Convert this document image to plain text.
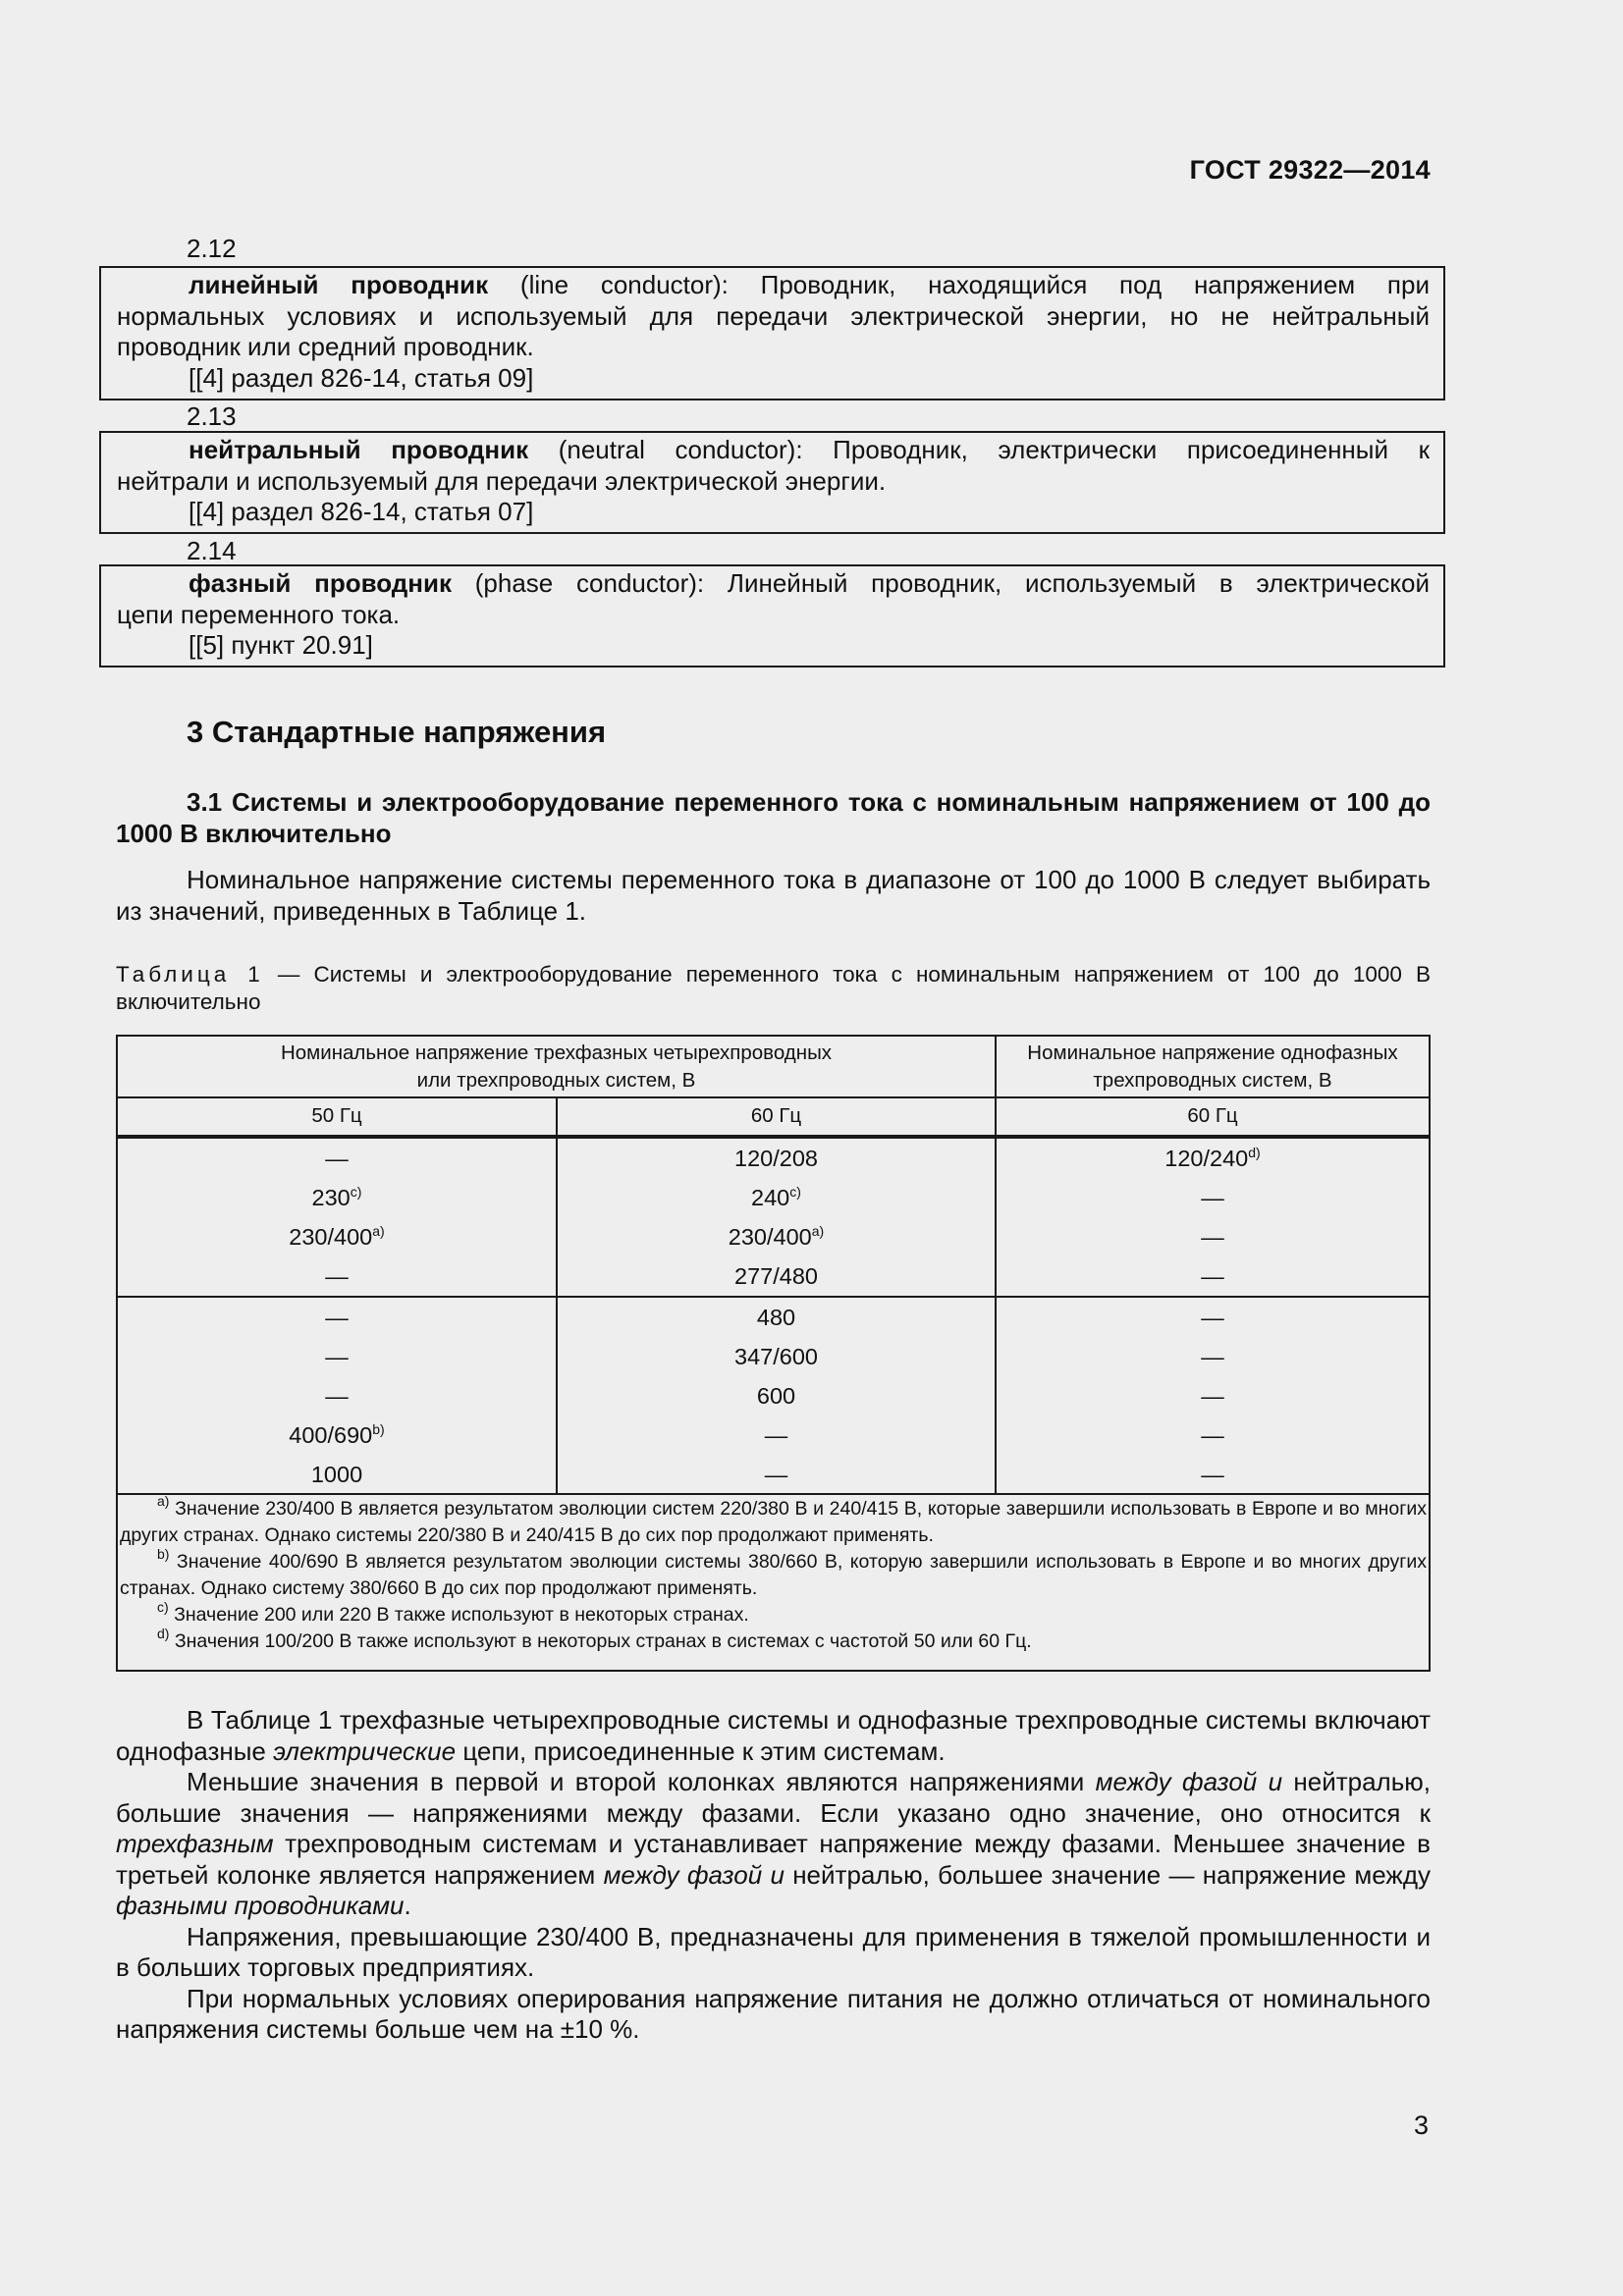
ГОСТ 29322—2014
2.12

линейный проводник (line conductor): Проводник, находящийся под напряжением при

нормальных условиях и используемый для передачи электрической энергии, но не нейтральный

проводник или средний проводник.

[[4] раздел 826-14, статья 09]

2.13

нейтральный проводник (neutral conductor): Проводник, электрически присоединенный к

нейтрали и используемый для передачи электрической энергии.

[[4] раздел 826-14, статья 07]

2.14

фазный проводник (phase conductor): Линейный проводник, используемый в электрической

цепи переменного тока.

[[5] пункт 20.91]

3 Стандартные напряжения
3.1 Системы и электрооборудование переменного тока с номинальным напряжением от 100 до 1000 В включительно

Номинальное напряжение системы переменного тока в диапазоне от 100 до 1000 В следует выбирать из значений, приведенных в Таблице 1.

Таблица 1 — Системы и электрооборудование переменного тока с номинальным напряжением от 100 до 1000 В включительно

Номинальное напряжение трехфазных четырехпроводных
или трехпроводных систем, В
Номинальное напряжение однофазных
трехпроводных систем, В
50 Гц	60 Гц	60 Гц
—	120/208	120/240$^{d)}$
230$^{c)}$	240$^{c)}$	—
230/400$^{a)}$	230/400$^{a)}$	—
—	277/480	—
—	480	—
—	347/600	—
—	600	—
400/690$^{b)}$	—	—
1000	—	—

$^{a)}$ Значение 230/400 В является результатом эволюции систем 220/380 В и 240/415 В, которые завершили использовать в Европе и во многих других странах. Однако системы 220/380 В и 240/415 В до сих пор продолжают применять.

$^{b)}$ Значение 400/690 В является результатом эволюции системы 380/660 В, которую завершили использовать в Европе и во многих других странах. Однако систему 380/660 В до сих пор продолжают применять.

$^{c)}$ Значение 200 или 220 В также используют в некоторых странах.

$^{d)}$ Значения 100/200 В также используют в некоторых странах в системах с частотой 50 или 60 Гц.

В Таблице 1 трехфазные четырехпроводные системы и однофазные трехпроводные системы включают однофазные электрические цепи, присоединенные к этим системам.

Меньшие значения в первой и второй колонках являются напряжениями между фазой и нейтралью, большие значения — напряжениями между фазами. Если указано одно значение, оно относится к трехфазным трехпроводным системам и устанавливает напряжение между фазами. Меньшее значение в третьей колонке является напряжением между фазой и нейтралью, большее значение — напряжение между фазными проводниками.

Напряжения, превышающие 230/400 В, предназначены для применения в тяжелой промышленности и в больших торговых предприятиях.

При нормальных условиях оперирования напряжение питания не должно отличаться от номинального напряжения системы больше чем на ±10 %.

3
